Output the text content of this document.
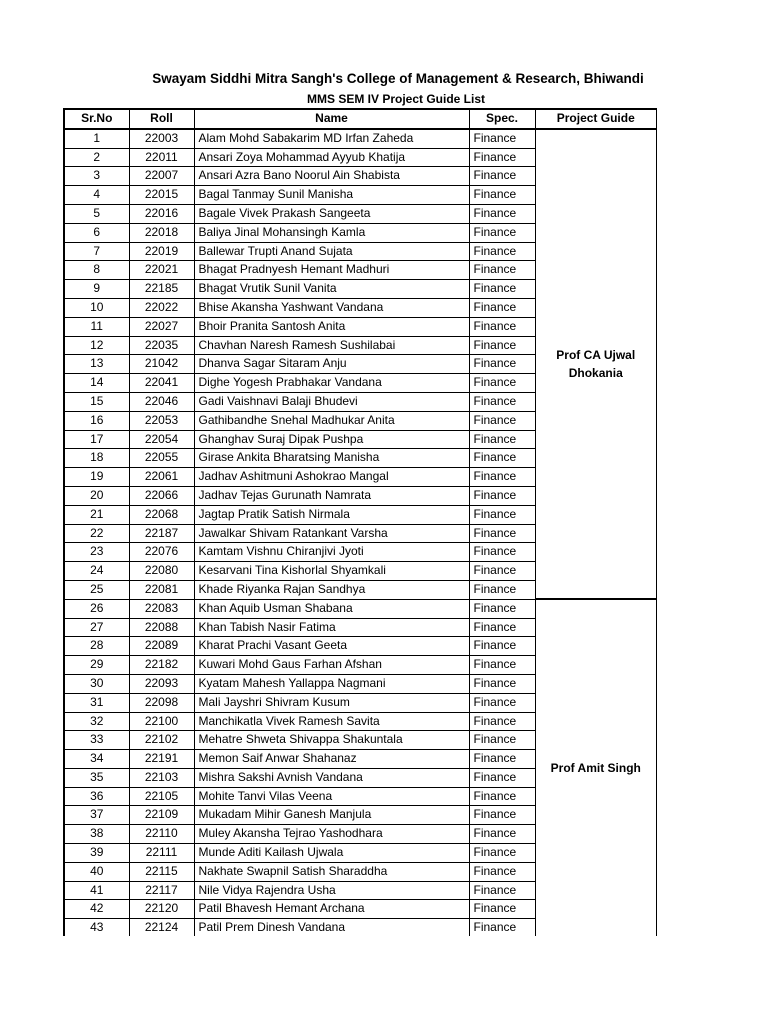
Swayam Siddhi Mitra Sangh's College of Management & Research, Bhiwandi
MMS SEM IV Project Guide List
Sr.No	Roll	Name	Spec.	Project Guide
1	22003	Alam Mohd Sabakarim MD Irfan Zaheda	Finance	Prof CA Ujwal Dhokania
2	22011	Ansari Zoya Mohammad Ayyub Khatija	Finance	
3	22007	Ansari Azra Bano Noorul Ain Shabista	Finance	
4	22015	Bagal Tanmay Sunil Manisha	Finance	
5	22016	Bagale Vivek Prakash Sangeeta	Finance	
6	22018	Baliya Jinal Mohansingh Kamla	Finance	
7	22019	Ballewar Trupti Anand Sujata	Finance	
8	22021	Bhagat Pradnyesh Hemant Madhuri	Finance	
9	22185	Bhagat Vrutik Sunil Vanita	Finance	
10	22022	Bhise Akansha Yashwant Vandana	Finance	
11	22027	Bhoir Pranita Santosh Anita	Finance	
12	22035	Chavhan Naresh Ramesh Sushilabai	Finance	
13	21042	Dhanva Sagar Sitaram Anju	Finance	
14	22041	Dighe Yogesh Prabhakar Vandana	Finance	
15	22046	Gadi Vaishnavi Balaji Bhudevi	Finance	
16	22053	Gathibandhe Snehal Madhukar Anita	Finance	
17	22054	Ghanghav Suraj Dipak Pushpa	Finance	
18	22055	Girase Ankita Bharatsing Manisha	Finance	
19	22061	Jadhav Ashitmuni Ashokrao Mangal	Finance	
20	22066	Jadhav Tejas Gurunath Namrata	Finance	
21	22068	Jagtap Pratik Satish Nirmala	Finance	
22	22187	Jawalkar Shivam Ratankant Varsha	Finance	
23	22076	Kamtam Vishnu Chiranjivi Jyoti	Finance	
24	22080	Kesarvani Tina Kishorlal Shyamkali	Finance	
25	22081	Khade Riyanka Rajan Sandhya	Finance	
26	22083	Khan Aquib Usman Shabana	Finance	Prof Amit Singh
27	22088	Khan Tabish Nasir Fatima	Finance	
28	22089	Kharat Prachi Vasant Geeta	Finance	
29	22182	Kuwari Mohd Gaus Farhan Afshan	Finance	
30	22093	Kyatam Mahesh Yallappa Nagmani	Finance	
31	22098	Mali Jayshri Shivram Kusum	Finance	
32	22100	Manchikatla Vivek Ramesh Savita	Finance	
33	22102	Mehatre Shweta Shivappa Shakuntala	Finance	
34	22191	Memon Saif Anwar Shahanaz	Finance	
35	22103	Mishra Sakshi Avnish Vandana	Finance	
36	22105	Mohite Tanvi Vilas Veena	Finance	
37	22109	Mukadam Mihir Ganesh Manjula	Finance	
38	22110	Muley Akansha Tejrao Yashodhara	Finance	
39	22111	Munde Aditi Kailash Ujwala	Finance	
40	22115	Nakhate Swapnil Satish Sharaddha	Finance	
41	22117	Nile Vidya Rajendra Usha	Finance	
42	22120	Patil Bhavesh Hemant Archana	Finance	
43	22124	Patil Prem Dinesh Vandana	Finance	
